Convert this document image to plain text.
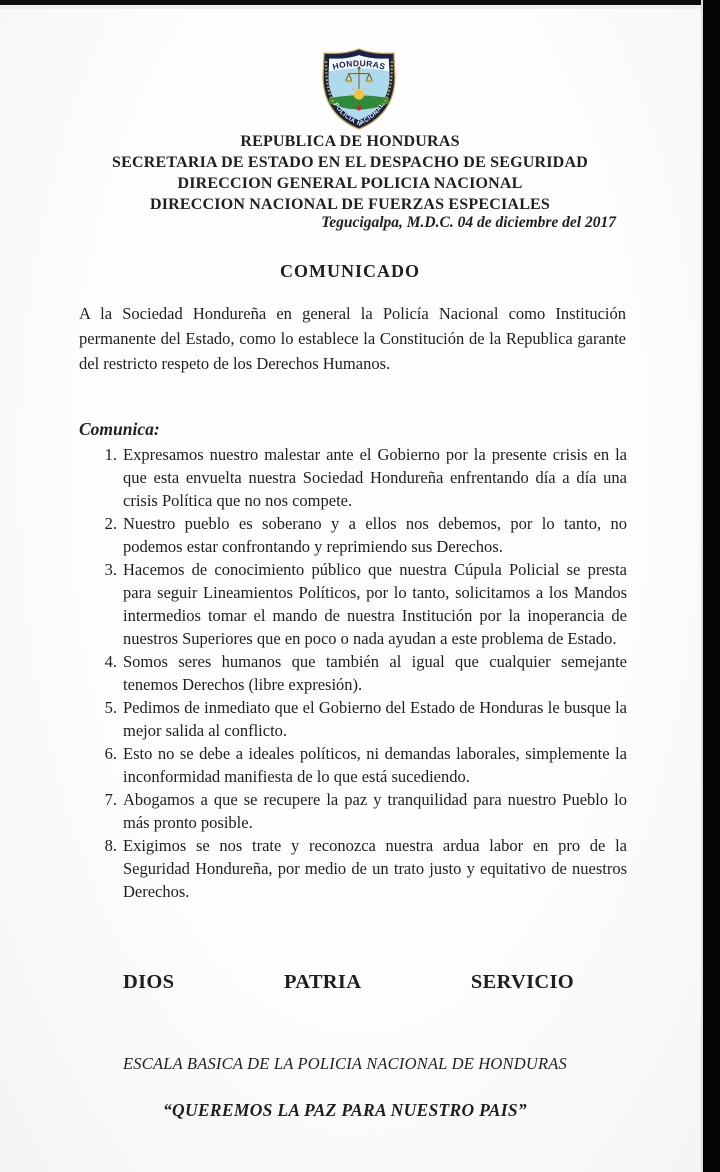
HONDURAS
POLICIA NACIONAL
REPUBLICA DE HONDURAS
SECRETARIA DE ESTADO EN EL DESPACHO DE SEGURIDAD
DIRECCION GENERAL POLICIA NACIONAL
DIRECCION NACIONAL DE FUERZAS ESPECIALES
Tegucigalpa, M.D.C. 04 de diciembre del 2017
COMUNICADO
A la Sociedad Hondureña en general la Policía Nacional como Institución permanente del Estado, como lo establece la Constitución de la Republica garante del restricto respeto de los Derechos Humanos.
Comunica:
1. Expresamos nuestro malestar ante el Gobierno por la presente crisis en la que esta envuelta nuestra Sociedad Hondureña enfrentando día a día una crisis Política que no nos compete.
2. Nuestro pueblo es soberano y a ellos nos debemos, por lo tanto, no podemos estar confrontando y reprimiendo sus Derechos.
3. Hacemos de conocimiento público que nuestra Cúpula Policial se presta para seguir Lineamientos Políticos, por lo tanto, solicitamos a los Mandos intermedios tomar el mando de nuestra Institución por la inoperancia de nuestros Superiores que en poco o nada ayudan a este problema de Estado.
4. Somos seres humanos que también al igual que cualquier semejante tenemos Derechos (libre expresión).
5. Pedimos de inmediato que el Gobierno del Estado de Honduras le busque la mejor salida al conflicto.
6. Esto no se debe a ideales políticos, ni demandas laborales, simplemente la inconformidad manifiesta de lo que está sucediendo.
7. Abogamos a que se recupere la paz y tranquilidad para nuestro Pueblo lo más pronto posible.
8. Exigimos se nos trate y reconozca nuestra ardua labor en pro de la Seguridad Hondureña, por medio de un trato justo y equitativo de nuestros Derechos.
DIOS	PATRIA	SERVICIO
ESCALA BASICA DE LA POLICIA NACIONAL DE HONDURAS
“QUEREMOS LA PAZ PARA NUESTRO PAIS”
